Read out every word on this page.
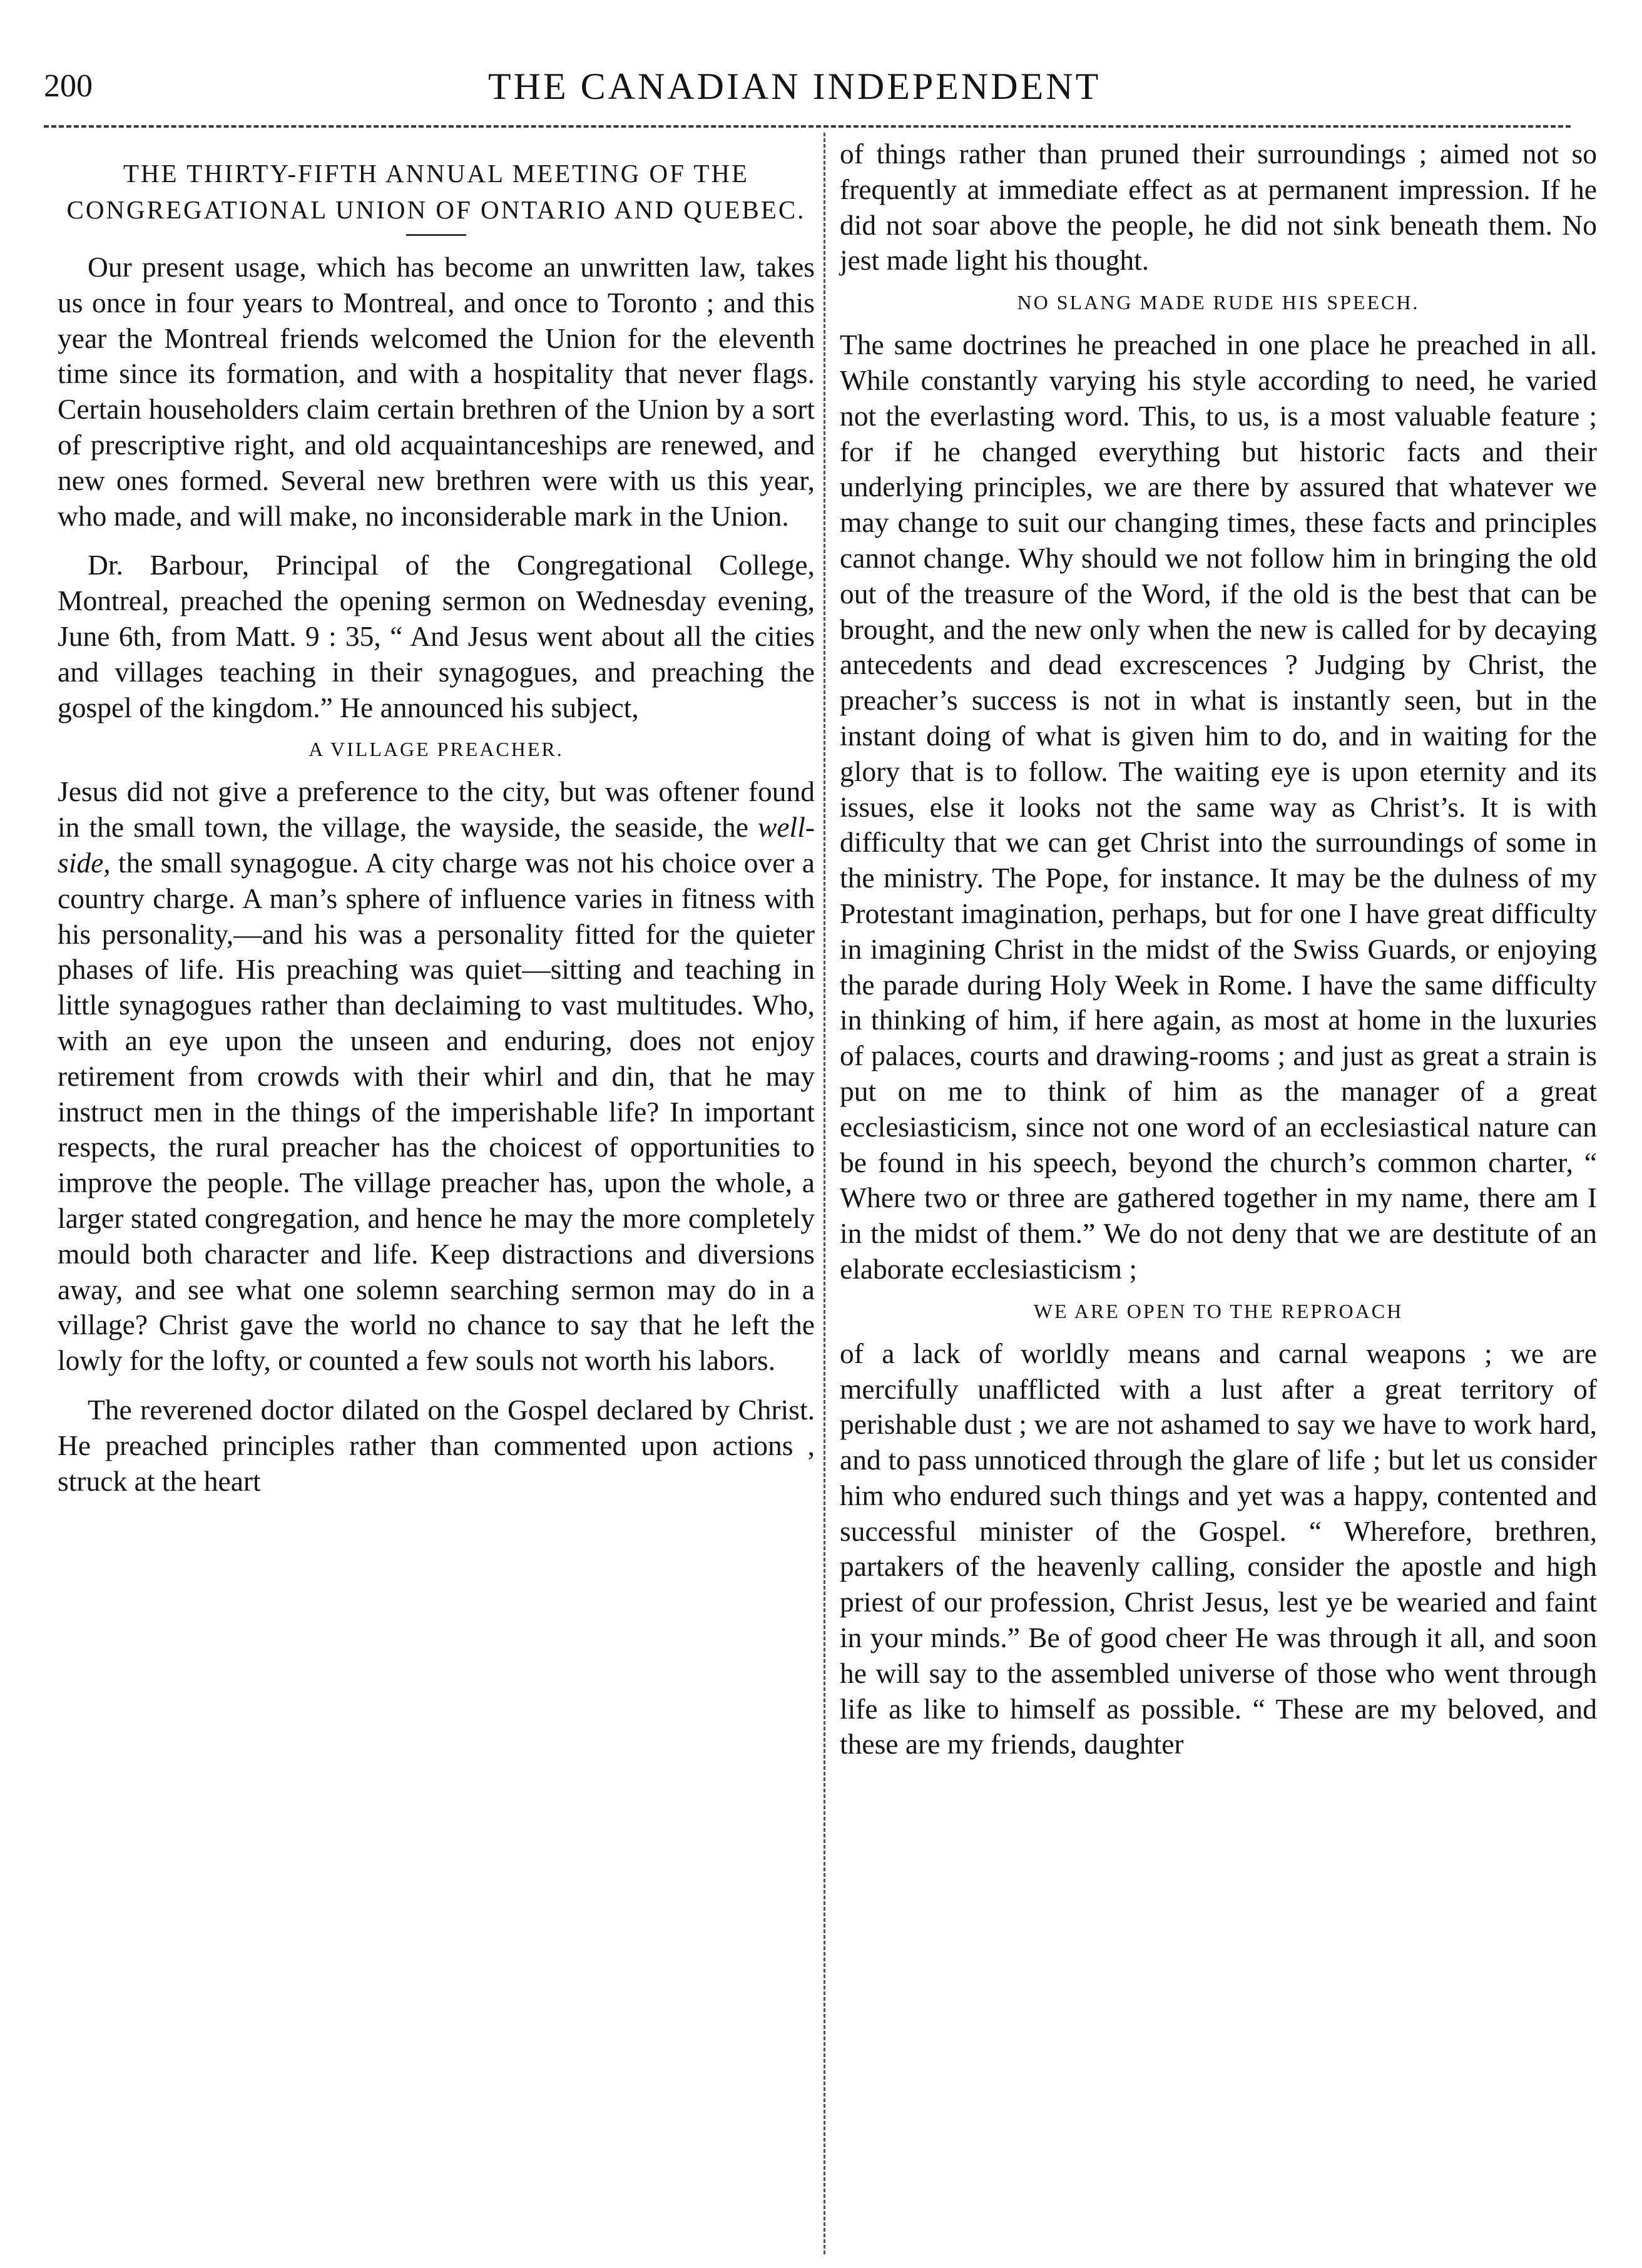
200	THE CANADIAN INDEPENDENT
THE THIRTY-FIFTH ANNUAL MEETING OF THE CONGREGATIONAL UNION OF ONTARIO AND QUEBEC.

Our present usage, which has become an unwritten law, takes us once in four years to Montreal, and once to Toronto ; and this year the Montreal friends welcomed the Union for the eleventh time since its formation, and with a hospitality that never flags. Certain householders claim certain brethren of the Union by a sort of prescriptive right, and old acquaintanceships are renewed, and new ones formed. Several new brethren were with us this year, who made, and will make, no inconsiderable mark in the Union.

Dr. Barbour, Principal of the Congregational College, Montreal, preached the opening sermon on Wednesday evening, June 6th, from Matt. 9 : 35, “ And Jesus went about all the cities and villages teaching in their synagogues, and preaching the gospel of the kingdom.” He announced his subject,

A VILLAGE PREACHER.

Jesus did not give a preference to the city, but was oftener found in the small town, the village, the wayside, the seaside, the well-side, the small synagogue. A city charge was not his choice over a country charge. A man’s sphere of influence varies in fitness with his personality,—and his was a personality fitted for the quieter phases of life. His preaching was quiet—sitting and teaching in little synagogues rather than declaiming to vast multitudes. Who, with an eye upon the unseen and enduring, does not enjoy retirement from crowds with their whirl and din, that he may instruct men in the things of the imperishable life? In important respects, the rural preacher has the choicest of opportunities to improve the people. The village preacher has, upon the whole, a larger stated congregation, and hence he may the more completely mould both character and life. Keep distractions and diversions away, and see what one solemn searching sermon may do in a village? Christ gave the world no chance to say that he left the lowly for the lofty, or counted a few souls not worth his labors.

The reverened doctor dilated on the Gospel declared by Christ. He preached principles rather than commented upon actions , struck at the heart

of things rather than pruned their surroundings ; aimed not so frequently at immediate effect as at permanent impression. If he did not soar above the people, he did not sink beneath them. No jest made light his thought.

NO SLANG MADE RUDE HIS SPEECH.

The same doctrines he preached in one place he preached in all. While constantly varying his style according to need, he varied not the everlasting word. This, to us, is a most valuable feature ; for if he changed everything but historic facts and their underlying principles, we are there by assured that whatever we may change to suit our changing times, these facts and principles cannot change. Why should we not follow him in bringing the old out of the treasure of the Word, if the old is the best that can be brought, and the new only when the new is called for by decaying antecedents and dead excrescences ? Judging by Christ, the preacher’s success is not in what is instantly seen, but in the instant doing of what is given him to do, and in waiting for the glory that is to follow. The waiting eye is upon eternity and its issues, else it looks not the same way as Christ’s. It is with difficulty that we can get Christ into the surroundings of some in the ministry. The Pope, for instance. It may be the dulness of my Protestant imagination, perhaps, but for one I have great difficulty in imagining Christ in the midst of the Swiss Guards, or enjoying the parade during Holy Week in Rome. I have the same difficulty in thinking of him, if here again, as most at home in the luxuries of palaces, courts and drawing-rooms ; and just as great a strain is put on me to think of him as the manager of a great ecclesiasticism, since not one word of an ecclesiastical nature can be found in his speech, beyond the church’s common charter, “ Where two or three are gathered together in my name, there am I in the midst of them.” We do not deny that we are destitute of an elaborate ecclesiasticism ;

WE ARE OPEN TO THE REPROACH

of a lack of worldly means and carnal weapons ; we are mercifully unafflicted with a lust after a great territory of perishable dust ; we are not ashamed to say we have to work hard, and to pass unnoticed through the glare of life ; but let us consider him who endured such things and yet was a happy, contented and successful minister of the Gospel. “ Wherefore, brethren, partakers of the heavenly calling, consider the apostle and high priest of our profession, Christ Jesus, lest ye be wearied and faint in your minds.” Be of good cheer He was through it all, and soon he will say to the assembled universe of those who went through life as like to himself as possible. “ These are my beloved, and these are my friends, daughter
